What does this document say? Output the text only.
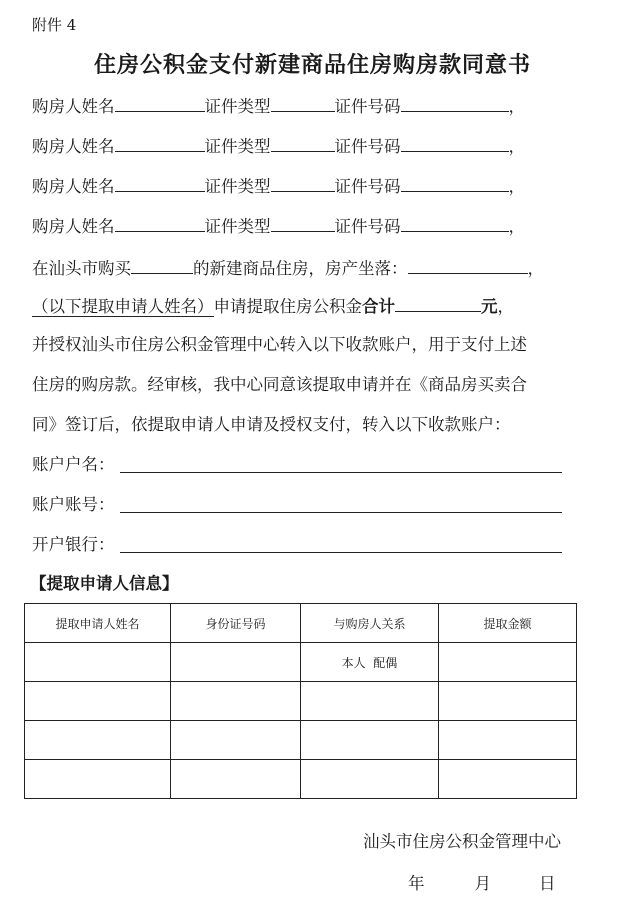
附件 4
住房公积金支付新建商品住房购房款同意书
购房人姓名	证件类型	证件号码	，
购房人姓名	证件类型	证件号码	，
购房人姓名	证件类型	证件号码	，
购房人姓名	证件类型	证件号码	，
在汕头市购买	的新建商品住房，房产坐落：	，
（以下提取申请人姓名）申请提取住房公积金合计	元，
并授权汕头市住房公积金管理中心转入以下收款账户，用于支付上述
住房的购房款。经审核，我中心同意该提取申请并在《商品房买卖合
同》签订后，依提取申请人申请及授权支付，转入以下收款账户：
账户户名：
账户账号：
开户银行：
【提取申请人信息】
提取申请人姓名	身份证号码	与购房人关系	提取金额
		本人  配偶	

汕头市住房公积金管理中心
年	月	日
